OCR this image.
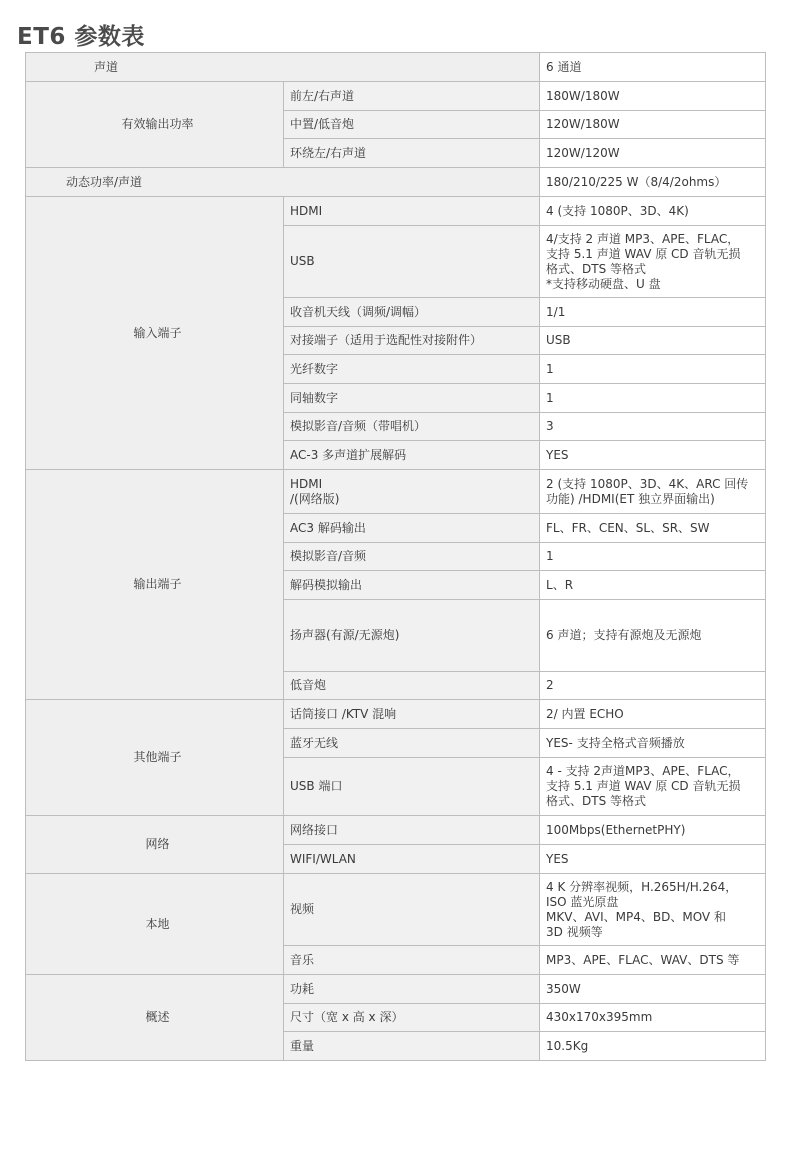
ET6 参数表
声道		6 通道
有效输出功率	前左/右声道	180W/180W
	中置/低音炮	120W/180W
	环绕左/右声道	120W/120W
动态功率/声道		180/210/225 W（8/4/2ohms）
输入端子	HDMI	4 (支持 1080P、3D、4K)
	USB	4/支持 2 声道 MP3、APE、FLAC，
支持 5.1 声道 WAV 原 CD 音轨无损
格式、DTS 等格式
*支持移动硬盘、U 盘
	收音机天线（调频/调幅）	1/1
	对接端子（适用于选配性对接附件）	USB
	光纤数字	1
	同轴数字	1
	模拟影音/音频（带唱机）	3
	AC-3 多声道扩展解码	YES
输出端子	HDMI
/(网络版)	2 (支持 1080P、3D、4K、ARC 回传
功能) /HDMI(ET 独立界面输出)
	AC3 解码输出	FL、FR、CEN、SL、SR、SW
	模拟影音/音频	1
	解码模拟输出	L、R
	扬声器(有源/无源炮)	6 声道；支持有源炮及无源炮
	低音炮	2
其他端子	话筒接口 /KTV 混响	2/ 内置 ECHO
	蓝牙无线	YES- 支持全格式音频播放
	USB 端口	4 - 支持 2声道MP3、APE、FLAC，
支持 5.1 声道 WAV 原 CD 音轨无损
格式、DTS 等格式
网络	网络接口	100Mbps(EthernetPHY)
	WIFI/WLAN	YES
本地	视频	4 K 分辨率视频，H.265H/H.264，
ISO 蓝光原盘
MKV、AVI、MP4、BD、MOV 和
3D 视频等
	音乐	MP3、APE、FLAC、WAV、DTS 等
概述	功耗	350W
	尺寸（宽 x 高 x 深）	430x170x395mm
	重量	10.5Kg
